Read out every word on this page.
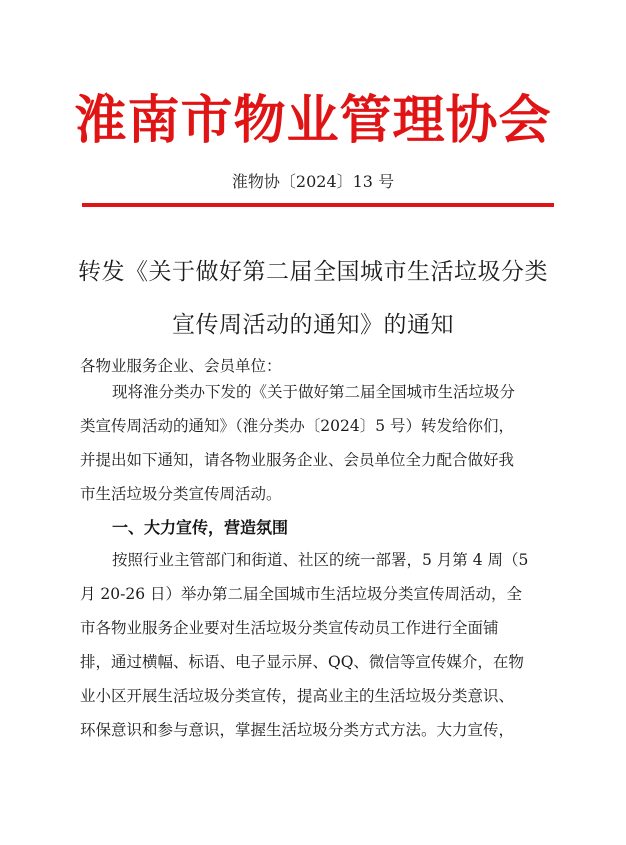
淮南市物业管理协会
淮物协〔2024〕13 号
转发《关于做好第二届全国城市生活垃圾分类
宣传周活动的通知》的通知
各物业服务企业、会员单位：
现将淮分类办下发的《关于做好第二届全国城市生活垃圾分
类宣传周活动的通知》（淮分类办〔2024〕5 号）转发给你们，
并提出如下通知，请各物业服务企业、会员单位全力配合做好我
市生活垃圾分类宣传周活动。
一、大力宣传，营造氛围
按照行业主管部门和街道、社区的统一部署，5 月第 4 周（5
月 20-26 日）举办第二届全国城市生活垃圾分类宣传周活动，全
市各物业服务企业要对生活垃圾分类宣传动员工作进行全面铺
排，通过横幅、标语、电子显示屏、QQ、微信等宣传媒介，在物
业小区开展生活垃圾分类宣传，提高业主的生活垃圾分类意识、
环保意识和参与意识，掌握生活垃圾分类方式方法。大力宣传，
